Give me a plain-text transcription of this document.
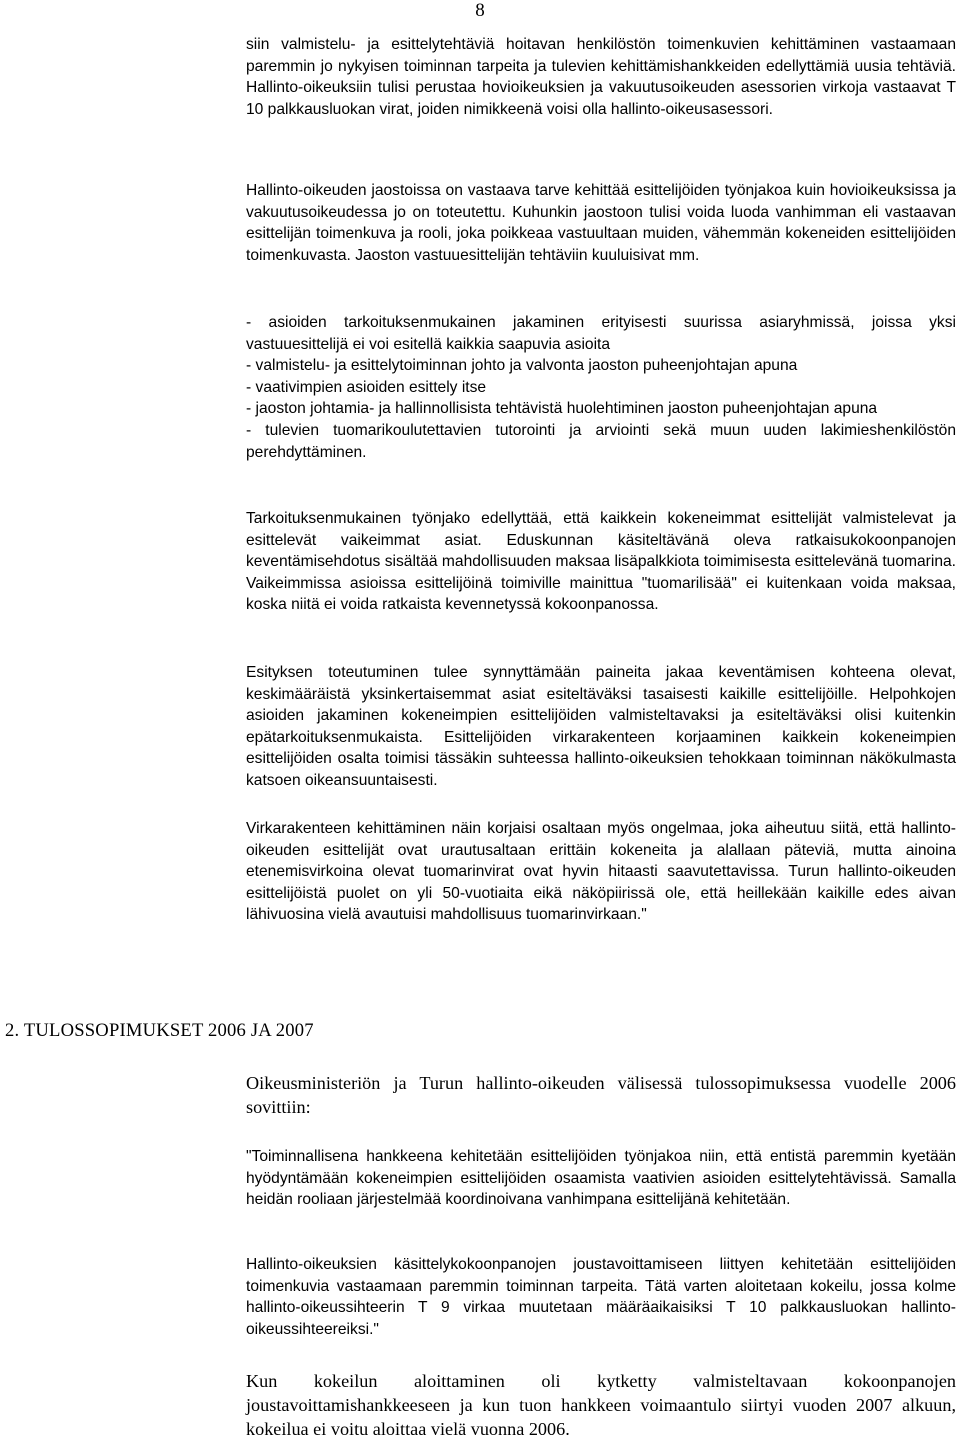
8

siin valmistelu- ja esittelytehtäviä hoitavan henkilöstön toimenkuvien kehittäminen vastaamaan paremmin jo nykyisen toiminnan tarpeita ja tulevien kehittämishankkeiden edellyttämiä uusia tehtäviä. Hallinto-oikeuksiin tulisi perustaa hovioikeuksien ja vakuutusoikeuden asessorien virkoja vastaavat T 10 palkkausluokan virat, joiden nimikkeenä voisi olla hallinto-oikeusasessori.

Hallinto-oikeuden jaostoissa on vastaava tarve kehittää esittelijöiden työnjakoa kuin hovioikeuksissa ja vakuutusoikeudessa jo on toteutettu. Kuhunkin jaostoon tulisi voida luoda vanhimman eli vastaavan esittelijän toimenkuva ja rooli, joka poikkeaa vastuultaan muiden, vähemmän kokeneiden esittelijöiden toimenkuvasta. Jaoston vastuuesittelijän tehtäviin kuuluisivat mm.

- asioiden tarkoituksenmukainen jakaminen erityisesti suurissa asiaryhmissä, joissa yksi vastuuesittelijä ei voi esitellä kaikkia saapuvia asioita

- valmistelu- ja esittelytoiminnan johto ja valvonta jaoston puheenjohtajan apuna

- vaativimpien asioiden esittely itse

- jaoston johtamia- ja hallinnollisista tehtävistä huolehtiminen jaoston puheenjohtajan apuna

- tulevien tuomarikoulutettavien tutorointi ja arviointi sekä muun uuden lakimieshenkilöstön perehdyttäminen.

Tarkoituksenmukainen työnjako edellyttää, että kaikkein kokeneimmat esittelijät valmistelevat ja esittelevät vaikeimmat asiat. Eduskunnan käsiteltävänä oleva ratkaisukokoonpanojen keventämisehdotus sisältää mahdollisuuden maksaa lisäpalkkiota toimimisesta esittelevänä tuomarina. Vaikeimmissa asioissa esittelijöinä toimiville mainittua "tuomarilisää" ei kuitenkaan voida maksaa, koska niitä ei voida ratkaista kevennetyssä kokoonpanossa.

Esityksen toteutuminen tulee synnyttämään paineita jakaa keventämisen kohteena olevat, keskimääräistä yksinkertaisemmat asiat esiteltäväksi tasaisesti kaikille esittelijöille. Helpohkojen asioiden jakaminen kokeneimpien esittelijöiden valmisteltavaksi ja esiteltäväksi olisi kuitenkin epätarkoituksenmukaista. Esittelijöiden virkarakenteen korjaaminen kaikkein kokeneimpien esittelijöiden osalta toimisi tässäkin suhteessa hallinto-oikeuksien tehokkaan toiminnan näkökulmasta katsoen oikeansuuntaisesti.

Virkarakenteen kehittäminen näin korjaisi osaltaan myös ongelmaa, joka aiheutuu siitä, että hallinto-oikeuden esittelijät ovat urautusaltaan erittäin kokeneita ja alallaan päteviä, mutta ainoina etenemisvirkoina olevat tuomarinvirat ovat hyvin hitaasti saavutettavissa. Turun hallinto-oikeuden esittelijöistä puolet on yli 50-vuotiaita eikä näköpiirissä ole, että heillekään kaikille edes aivan lähivuosina vielä avautuisi mahdollisuus tuomarinvirkaan."

2. TULOSSOPIMUKSET 2006 JA 2007

Oikeusministeriön ja Turun hallinto-oikeuden välisessä tulossopimuksessa vuodelle 2006 sovittiin:

"Toiminnallisena hankkeena kehitetään esittelijöiden työnjakoa niin, että entistä paremmin kyetään hyödyntämään kokeneimpien esittelijöiden osaamista vaativien asioiden esittelytehtävissä. Samalla heidän rooliaan järjestelmää koordinoivana vanhimpana esittelijänä kehitetään.

Hallinto-oikeuksien käsittelykokoonpanojen joustavoittamiseen liittyen kehitetään esittelijöiden toimenkuvia vastaamaan paremmin toiminnan tarpeita. Tätä varten aloitetaan kokeilu, jossa kolme hallinto-oikeussihteerin T 9 virkaa muutetaan määräaikaisiksi T 10 palkkausluokan hallinto-oikeussihteereiksi."

Kun kokeilun aloittaminen oli kytketty valmisteltavaan kokoonpanojen joustavoittamishankkeeseen ja kun tuon hankkeen voimaantulo siirtyi vuoden 2007 alkuun, kokeilua ei voitu aloittaa vielä vuonna 2006.
